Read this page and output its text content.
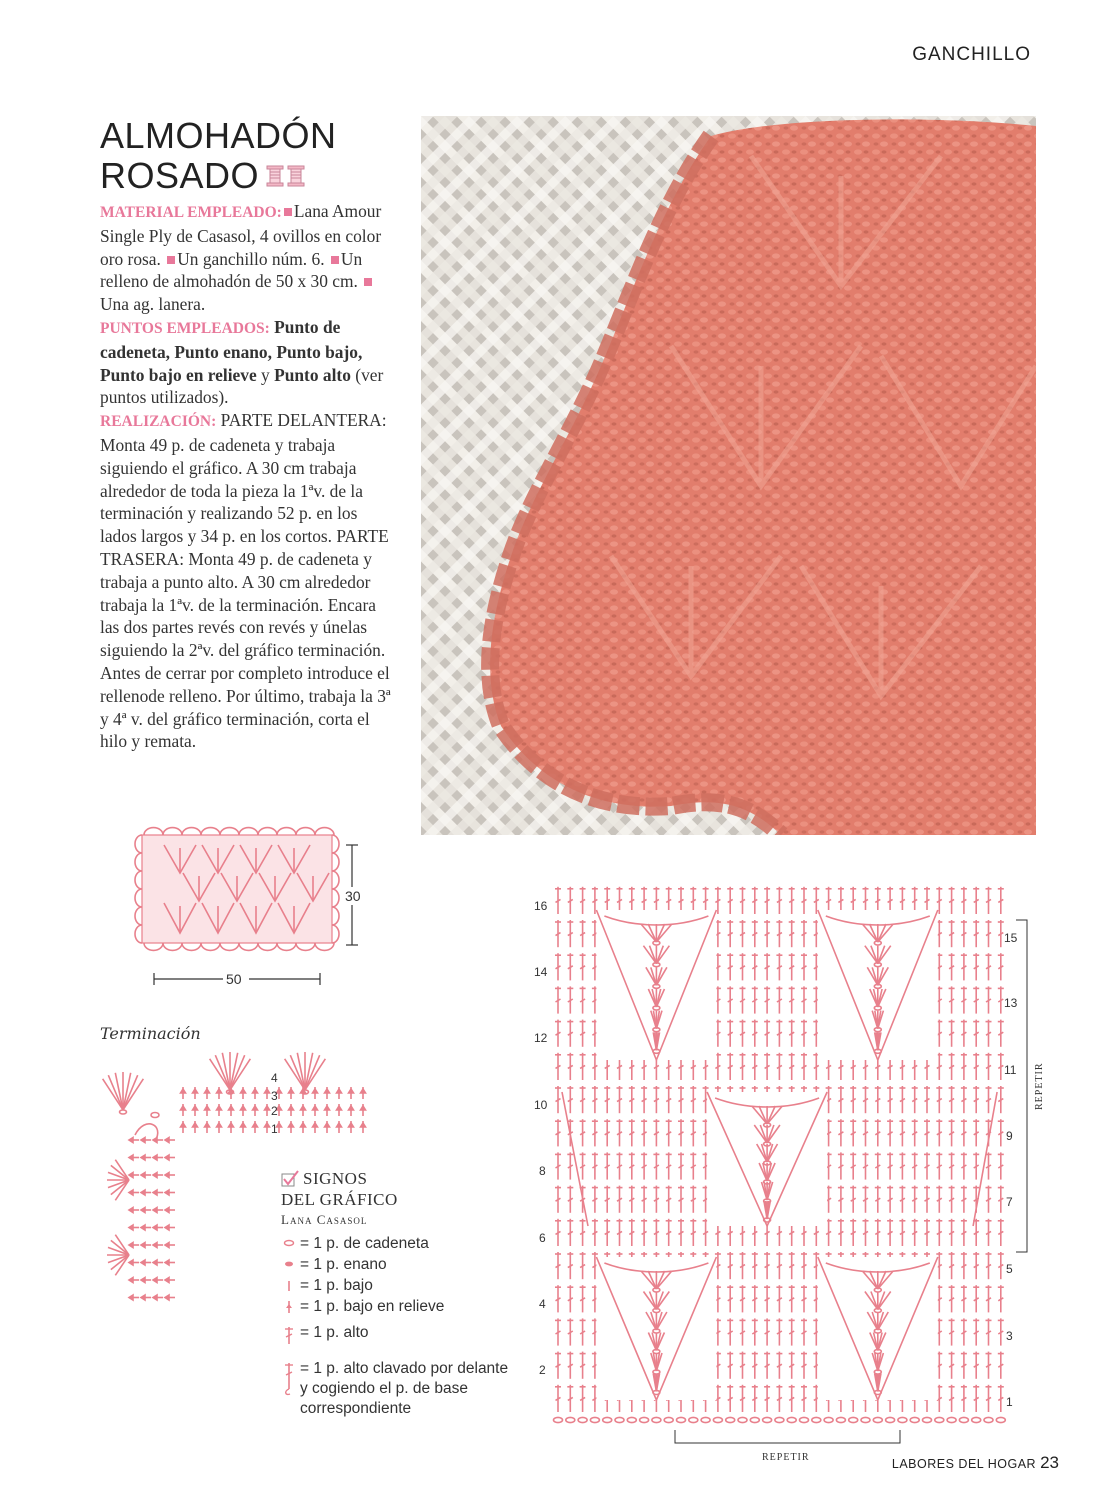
GANCHILLO
ALMOHADÓN
ROSADO
MATERIAL EMPLEADO: Lana Amour Single Ply de Casasol, 4 ovillos en color oro rosa. Un ganchillo núm. 6. Un relleno de almohadón de 50 x 30 cm. Una ag. lanera.
PUNTOS EMPLEADOS: Punto de cadeneta, Punto enano, Punto bajo, Punto bajo en relieve y Punto alto (ver puntos utilizados).
REALIZACIÓN: PARTE DELANTERA: Monta 49 p. de cadeneta y trabaja siguiendo el gráfico. A 30 cm trabaja alrededor de toda la pieza la 1ªv. de la terminación y realizando 52 p. en los lados largos y 34 p. en los cortos. PARTE TRASERA: Monta 49 p. de cadeneta y trabaja a punto alto. A 30 cm alrededor trabaja la 1ªv. de la terminación. Encara las dos partes revés con revés y únelas siguiendo la 2ªv. del gráfico terminación. Antes de cerrar por completo introduce el rellenode relleno. Por último, trabaja la 3ª y 4ª v. del gráfico terminación, corta el hilo y remata.
30
50
Terminación
4
3
2
1
SIGNOS
DEL GRÁFICO
Lana Casasol
= 1 p. de cadeneta
= 1 p. enano
= 1 p. bajo
= 1 p. bajo en relieve
= 1 p. alto
= 1 p. alto clavado por delante y cogiendo el p. de base correspondiente
16
14
12
10
8
6
4
2
15
13
11
9
7
5
3
1
REPETIR
REPETIR	LABORES DEL HOGAR 23
